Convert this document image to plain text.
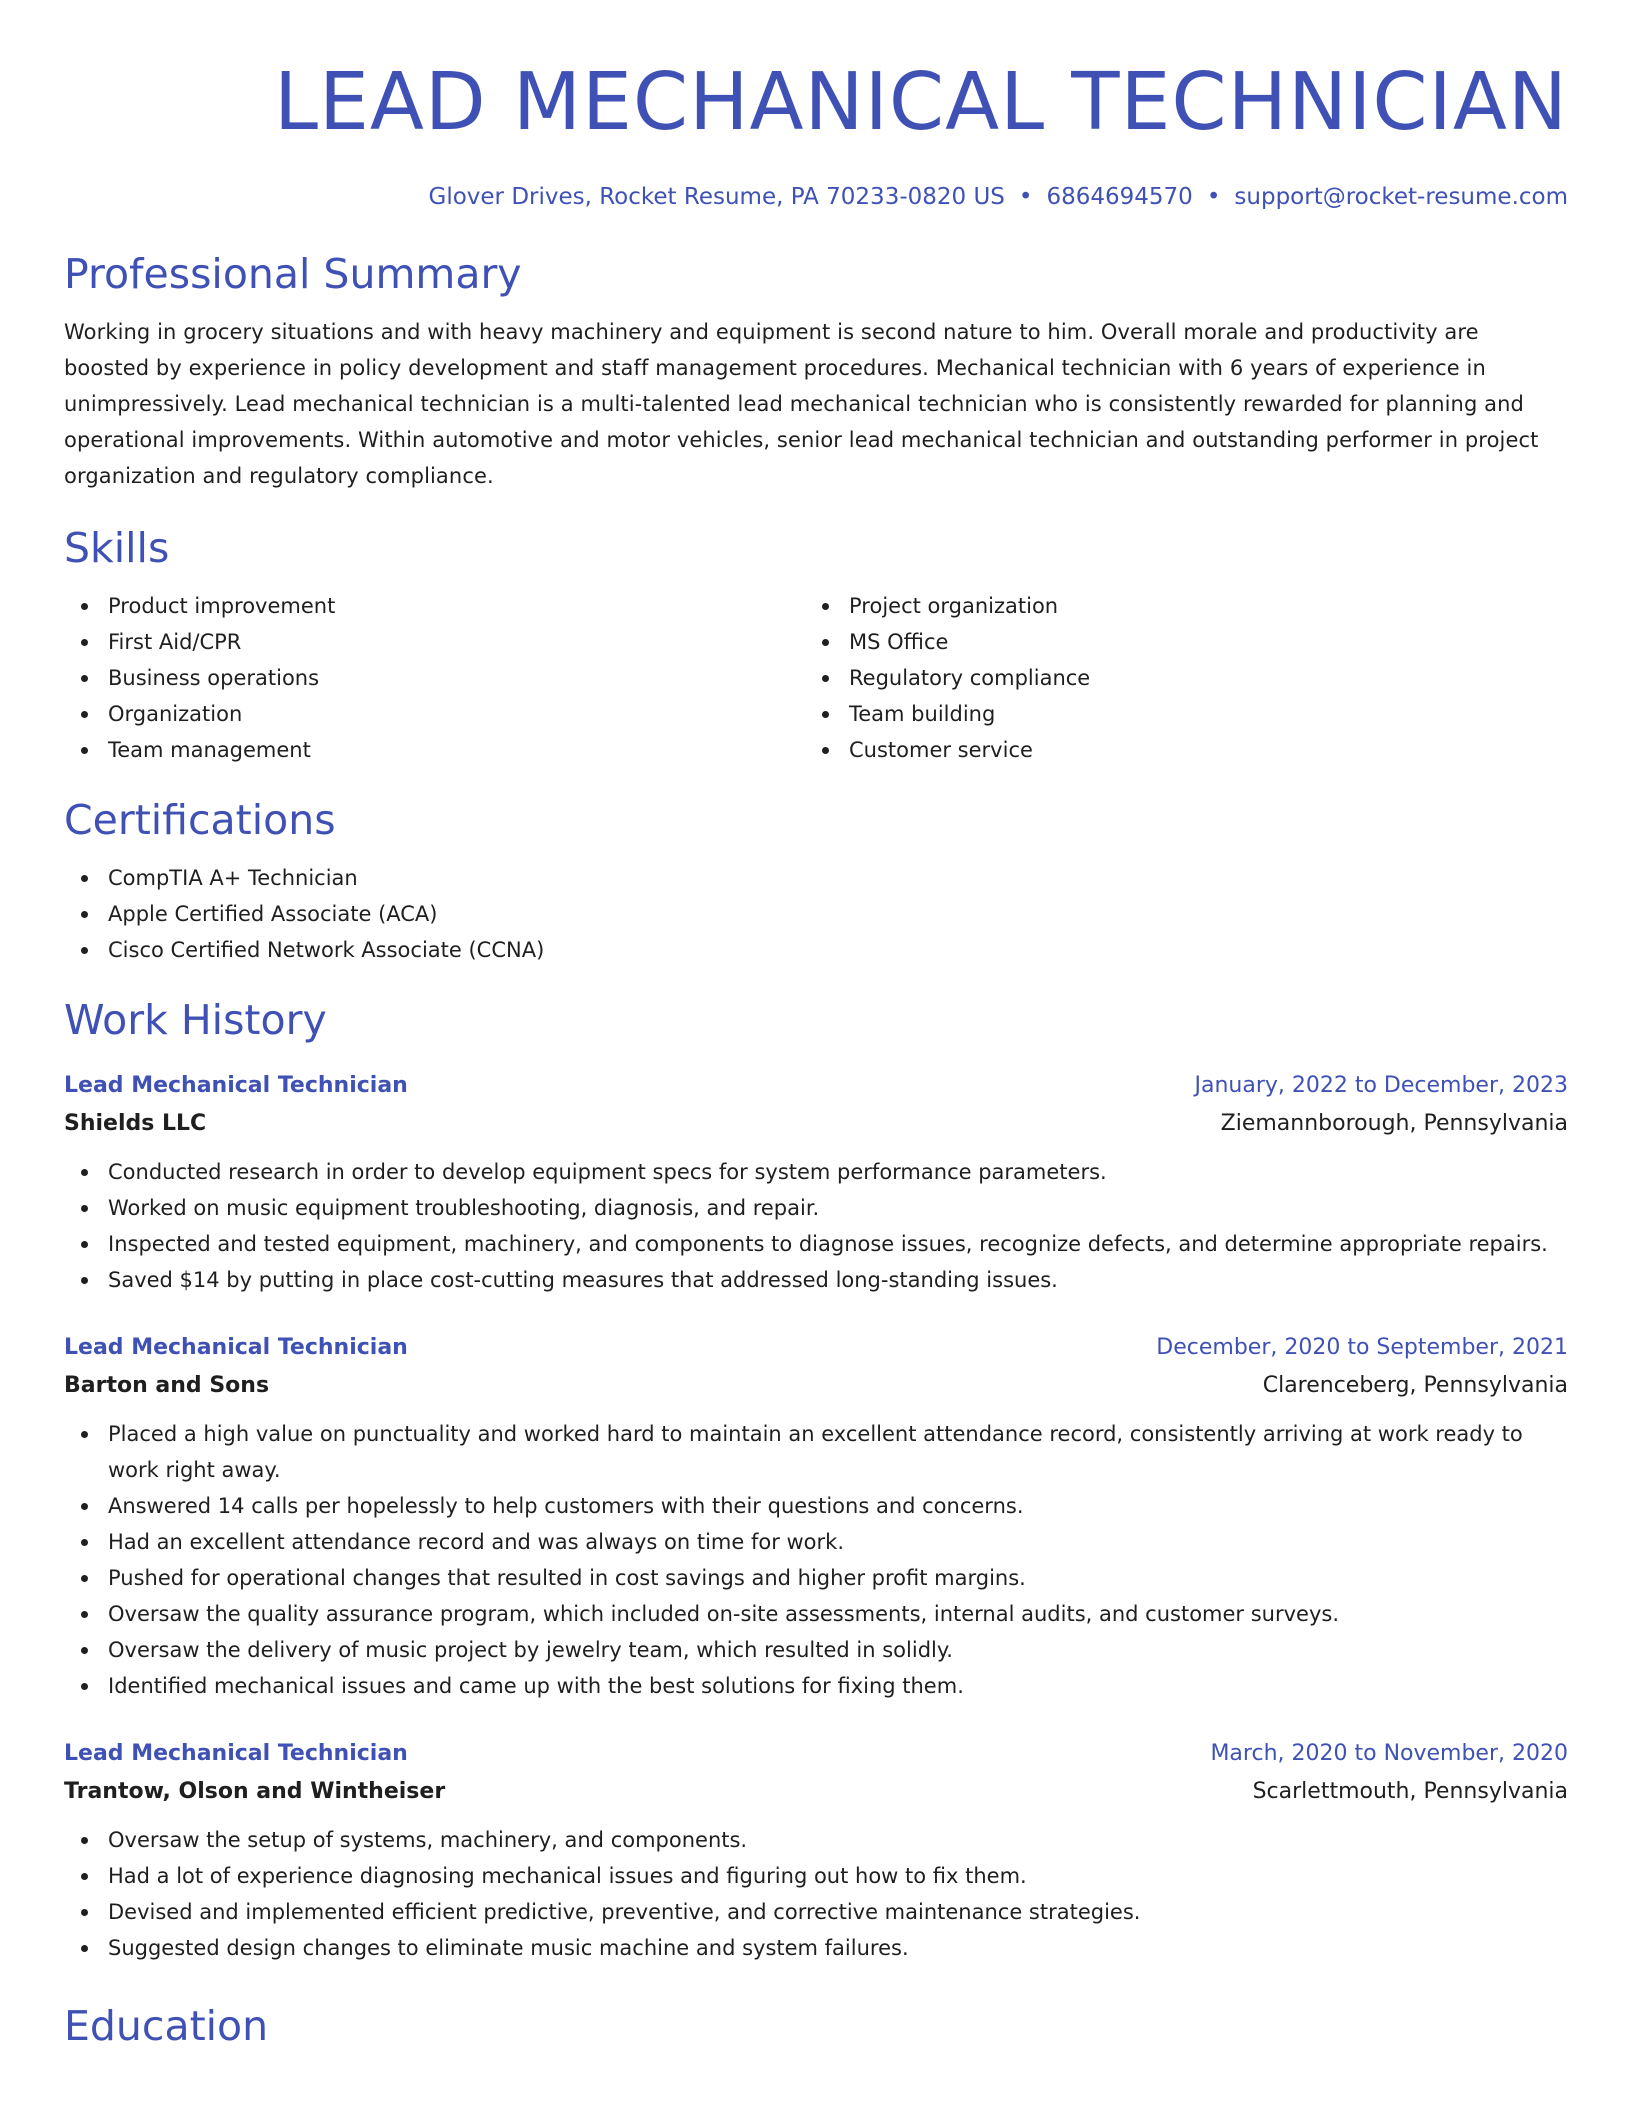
LEAD MECHANICAL TECHNICIAN
Glover Drives, Rocket Resume, PA 70233-0820 US • 6864694570 • support@rocket-resume.com
Professional Summary
Working in grocery situations and with heavy machinery and equipment is second nature to him. Overall morale and productivity are boosted by experience in policy development and staff management procedures. Mechanical technician with 6 years of experience in unimpressively. Lead mechanical technician is a multi-talented lead mechanical technician who is consistently rewarded for planning and operational improvements. Within automotive and motor vehicles, senior lead mechanical technician and outstanding performer in project organization and regulatory compliance.
Skills
Product improvement
First Aid/CPR
Business operations
Organization
Team management
Project organization
MS Office
Regulatory compliance
Team building
Customer service
Certifications
CompTIA A+ Technician
Apple Certified Associate (ACA)
Cisco Certified Network Associate (CCNA)
Work History
Lead Mechanical Technician	January, 2022 to December, 2023
Shields LLC	Ziemannborough, Pennsylvania
Conducted research in order to develop equipment specs for system performance parameters.
Worked on music equipment troubleshooting, diagnosis, and repair.
Inspected and tested equipment, machinery, and components to diagnose issues, recognize defects, and determine appropriate repairs.
Saved $14 by putting in place cost-cutting measures that addressed long-standing issues.
Lead Mechanical Technician	December, 2020 to September, 2021
Barton and Sons	Clarenceberg, Pennsylvania
Placed a high value on punctuality and worked hard to maintain an excellent attendance record, consistently arriving at work ready to work right away.
Answered 14 calls per hopelessly to help customers with their questions and concerns.
Had an excellent attendance record and was always on time for work.
Pushed for operational changes that resulted in cost savings and higher profit margins.
Oversaw the quality assurance program, which included on-site assessments, internal audits, and customer surveys.
Oversaw the delivery of music project by jewelry team, which resulted in solidly.
Identified mechanical issues and came up with the best solutions for fixing them.
Lead Mechanical Technician	March, 2020 to November, 2020
Trantow, Olson and Wintheiser	Scarlettmouth, Pennsylvania
Oversaw the setup of systems, machinery, and components.
Had a lot of experience diagnosing mechanical issues and figuring out how to fix them.
Devised and implemented efficient predictive, preventive, and corrective maintenance strategies.
Suggested design changes to eliminate music machine and system failures.
Education
